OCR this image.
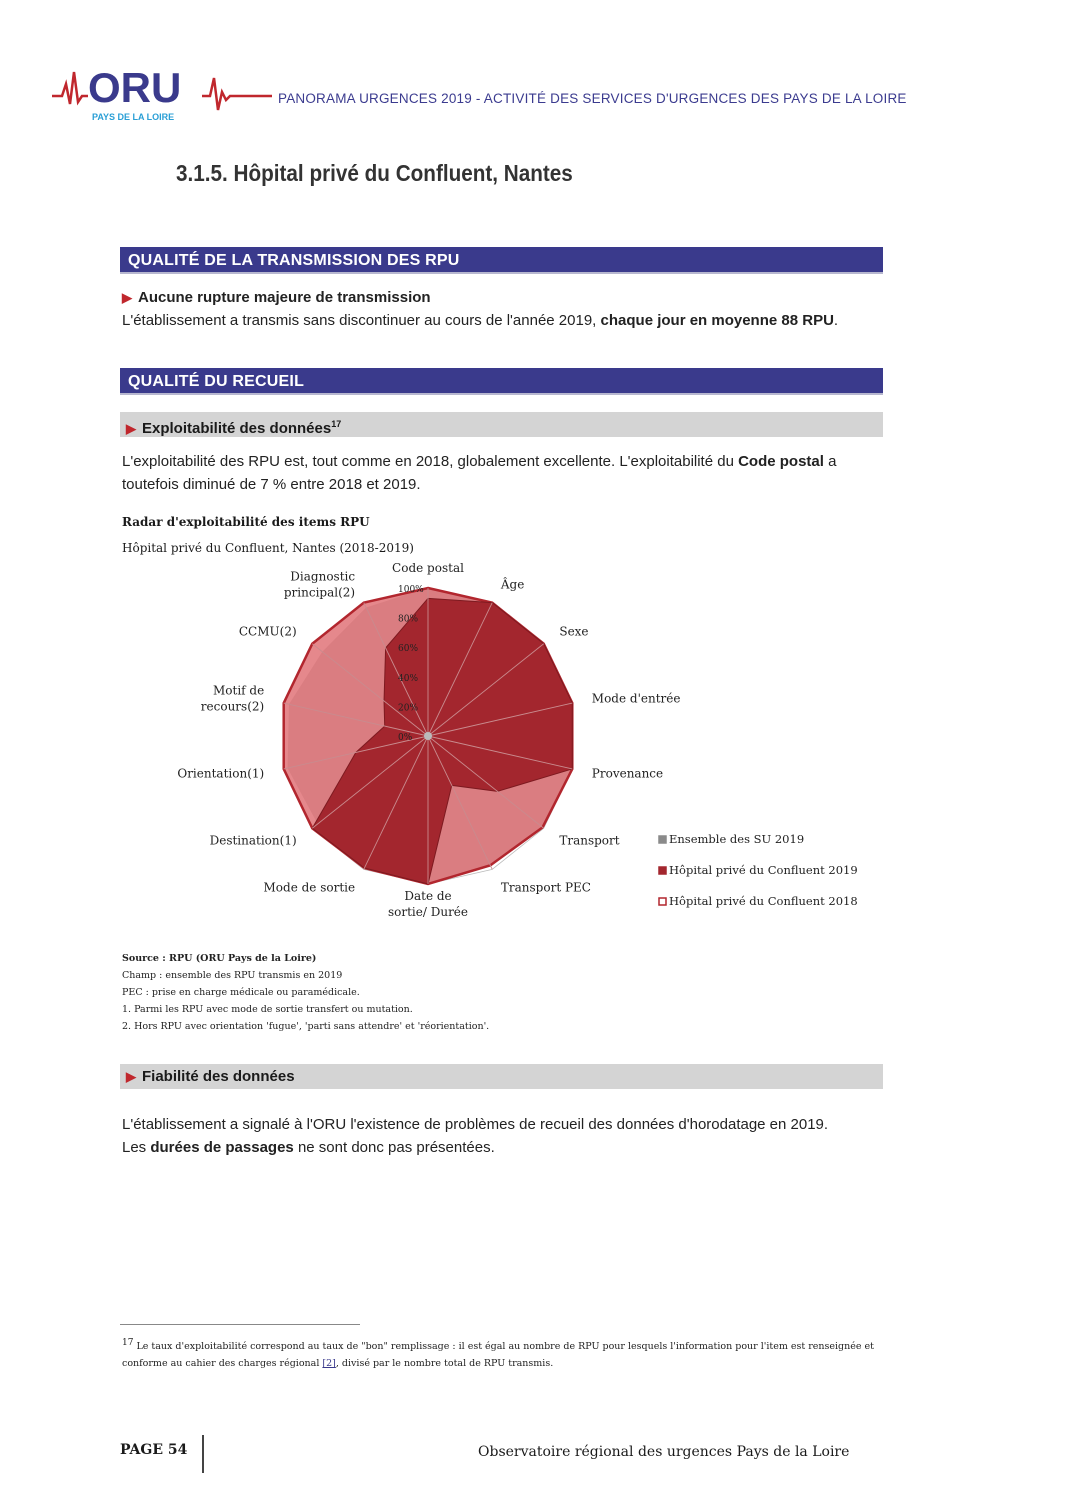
ORU
PAYS DE LA LOIRE
PANORAMA URGENCES 2019 - ACTIVITÉ DES SERVICES D'URGENCES DES PAYS DE LA LOIRE
3.1.5. Hôpital privé du Confluent, Nantes
QUALITÉ DE LA TRANSMISSION DES RPU
▶ Aucune rupture majeure de transmission
L'établissement a transmis sans discontinuer au cours de l'année 2019, chaque jour en moyenne 88 RPU.
QUALITÉ DU RECUEIL
▶ Exploitabilité des données$^{17}$
L'exploitabilité des RPU est, tout comme en 2018, globalement excellente. L'exploitabilité du Code postal a toutefois diminué de 7 % entre 2018 et 2019.
Radar d'exploitabilité des items RPU
Hôpital privé du Confluent, Nantes (2018-2019)
0%
20%
40%
60%
80%
100%
Code postal
Âge
Sexe
Mode d'entrée
Provenance
Transport
Transport PEC
Date de sortie/ Durée
Mode de sortie
Destination(1)
Orientation(1)
Motif de recours(2)
CCMU(2)
Diagnostic principal(2)
Ensemble des SU 2019
Hôpital privé du Confluent 2019
Hôpital privé du Confluent 2018
Source : RPU (ORU Pays de la Loire)
Champ : ensemble des RPU transmis en 2019
PEC : prise en charge médicale ou paramédicale.
1. Parmi les RPU avec mode de sortie transfert ou mutation.
2. Hors RPU avec orientation 'fugue', 'parti sans attendre' et 'réorientation'.
▶ Fiabilité des données
L'établissement a signalé à l'ORU l'existence de problèmes de recueil des données d'horodatage en 2019.
Les durées de passages ne sont donc pas présentées.
$^{17}$ Le taux d'exploitabilité correspond au taux de "bon" remplissage : il est égal au nombre de RPU pour lesquels l'information pour l'item est renseignée et conforme au cahier des charges régional [2], divisé par le nombre total de RPU transmis.
PAGE 54	Observatoire régional des urgences Pays de la Loire
